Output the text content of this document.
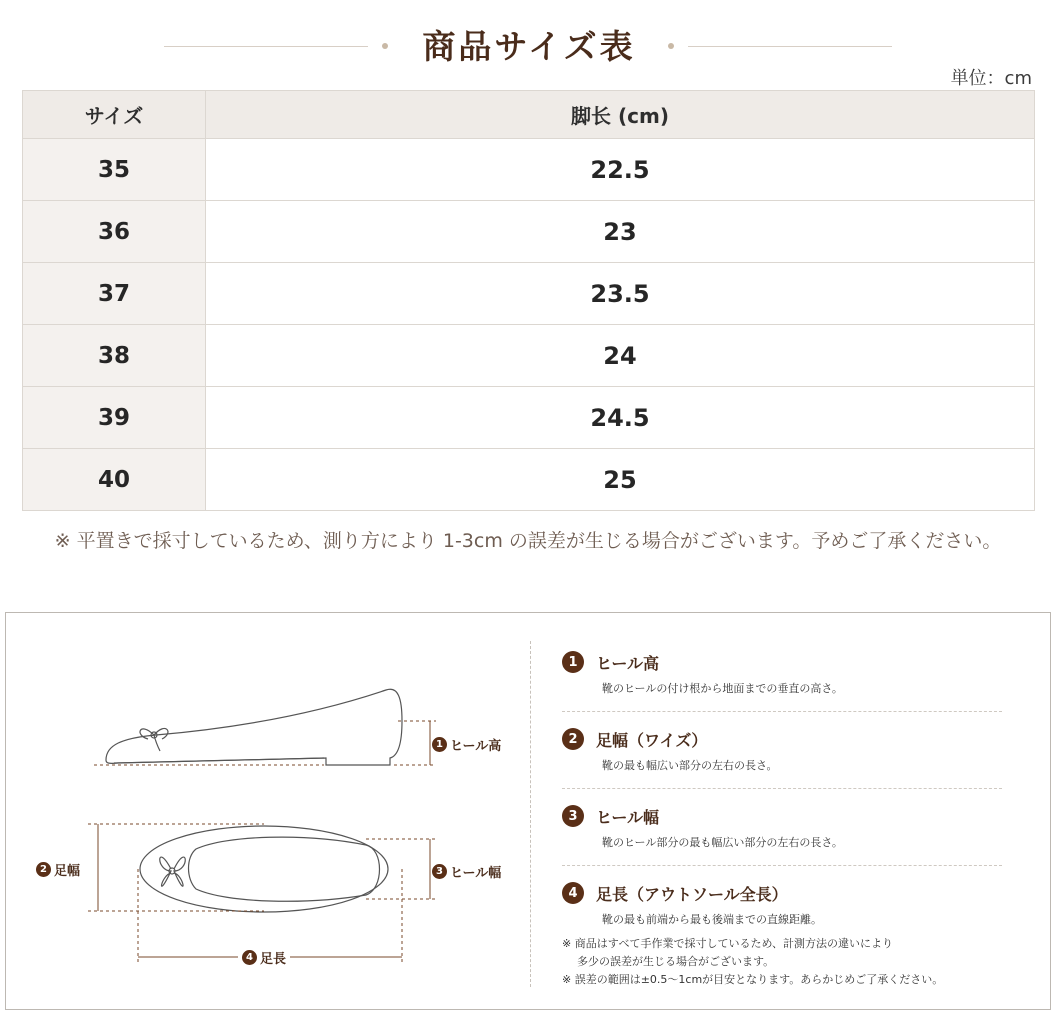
商品サイズ表
単位：cm
サイズ	脚长 (cm)
35	22.5
36	23
37	23.5
38	24
39	24.5
40	25

※ 平置きで採寸しているため、測り方により 1-3cm の誤差が生じる場合がございます。予めご了承ください。

1 ヒール高
2 足幅	3 ヒール幅
4 足長
1	ヒール高

靴のヒールの付け根から地面までの垂直の高さ。

2	足幅（ワイズ）

靴の最も幅広い部分の左右の長さ。

3	ヒール幅

靴のヒール部分の最も幅広い部分の左右の長さ。

4	足長（アウトソール全長）

靴の最も前端から最も後端までの直線距離。

※ 商品はすべて手作業で採寸しているため、計測方法の違いにより
多少の誤差が生じる場合がございます。
※ 誤差の範囲は±0.5〜1cmが目安となります。あらかじめご了承ください。
